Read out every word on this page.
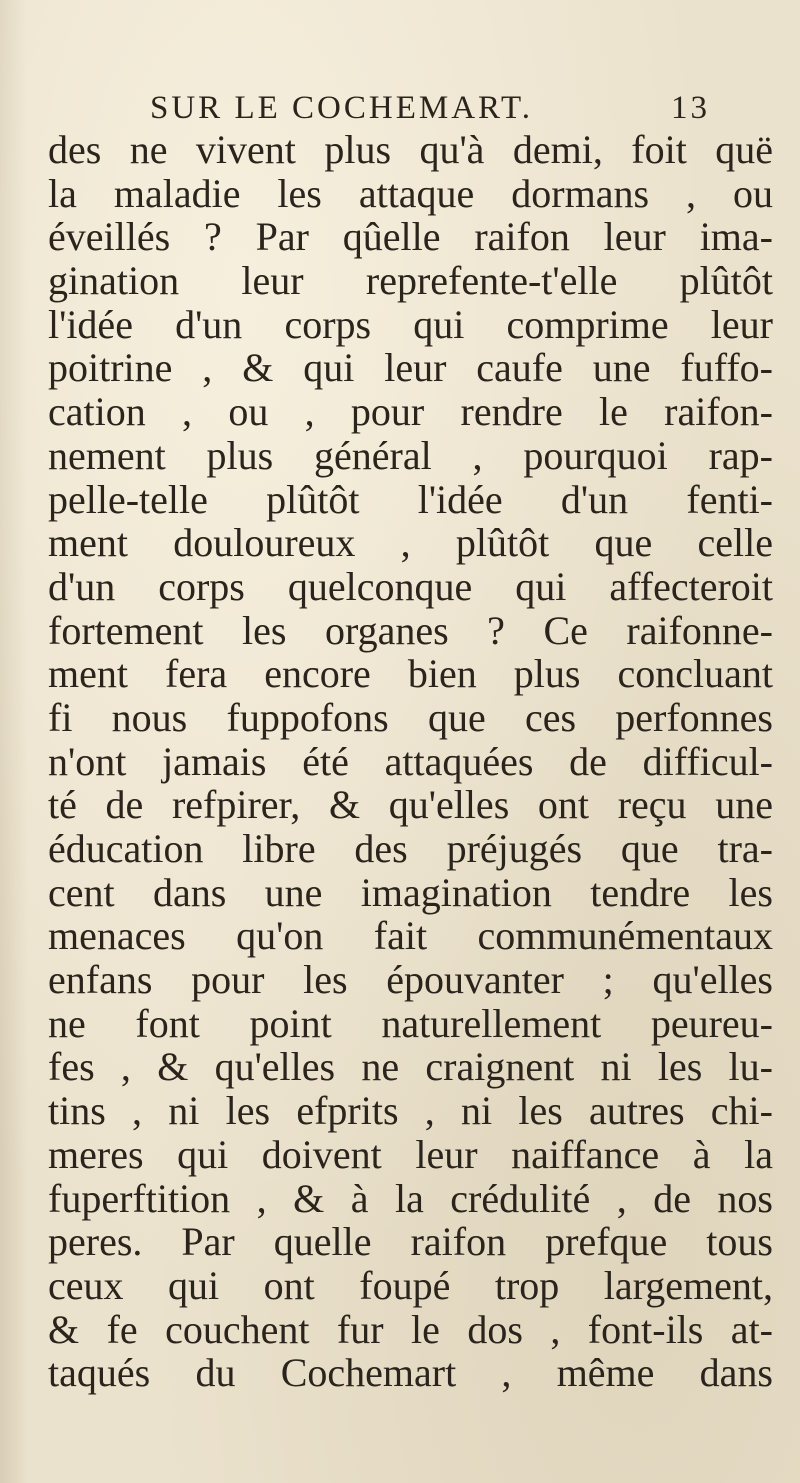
SUR LE COCHEMART.	13
des ne vivent plus qu'à demi, foit quë
la maladie les attaque dormans , ou
éveillés ? Par qûelle raifon leur ima-
gination leur reprefente-t'elle plûtôt
l'idée d'un corps qui comprime leur
poitrine , & qui leur caufe une fuffo-
cation , ou , pour rendre le raifon-
nement plus général , pourquoi rap-
pelle-telle plûtôt l'idée d'un fenti-
ment douloureux , plûtôt que celle
d'un corps quelconque qui affecteroit
fortement les organes ? Ce raifonne-
ment fera encore bien plus concluant
fi nous fuppofons que ces perfonnes
n'ont jamais été attaquées de difficul-
té de refpirer, & qu'elles ont reçu une
éducation libre des préjugés que tra-
cent dans une imagination tendre les
menaces qu'on fait communémentaux
enfans pour les épouvanter ; qu'elles
ne font point naturellement peureu-
fes , & qu'elles ne craignent ni les lu-
tins , ni les efprits , ni les autres chi-
meres qui doivent leur naiffance à la
fuperftition , & à la crédulité , de nos
peres. Par quelle raifon prefque tous
ceux qui ont foupé trop largement,
& fe couchent fur le dos , font-ils at-
taqués du Cochemart , même dans
